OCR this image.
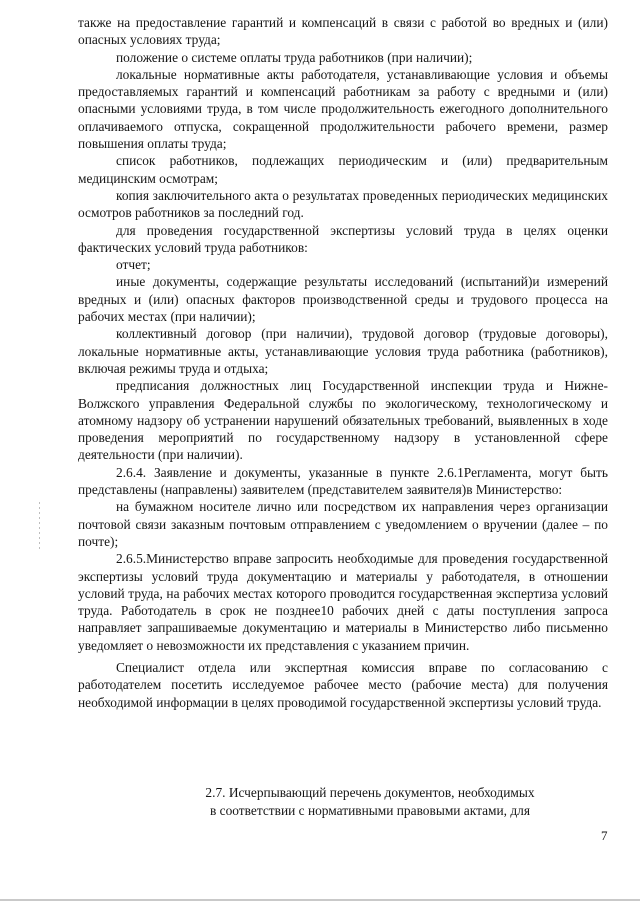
также на предоставление гарантий и компенсаций в связи с работой во вредных и (или) опасных условиях труда;

положение о системе оплаты труда работников (при наличии);

локальные нормативные акты работодателя, устанавливающие условия и объемы предоставляемых гарантий и компенсаций работникам за работу с вредными и (или) опасными условиями труда, в том числе продолжительность ежегодного дополнительного оплачиваемого отпуска, сокращенной продолжительности рабочего времени, размер повышения оплаты труда;

список работников, подлежащих периодическим и (или) предварительным медицинским осмотрам;

копия заключительного акта о результатах проведенных периодических медицинских осмотров работников за последний год.

для проведения государственной экспертизы условий труда в целях оценки фактических условий труда работников:

отчет;

иные документы, содержащие результаты исследований (испытаний)и измерений вредных и (или) опасных факторов производственной среды и трудового процесса на рабочих местах (при наличии);

коллективный договор (при наличии), трудовой договор (трудовые договоры), локальные нормативные акты, устанавливающие условия труда работника (работников), включая режимы труда и отдыха;

предписания должностных лиц Государственной инспекции труда и Нижне-Волжского управления Федеральной службы по экологическому, технологическому и атомному надзору об устранении нарушений обязательных требований, выявленных в ходе проведения мероприятий по государственному надзору в установленной сфере деятельности (при наличии).

2.6.4. Заявление и документы, указанные в пункте 2.6.1Регламента, могут быть представлены (направлены) заявителем (представителем заявителя)в Министерство:

на бумажном носителе лично или посредством их направления через организации почтовой связи заказным почтовым отправлением с уведомлением о вручении (далее – по почте);

2.6.5.Министерство вправе запросить необходимые для проведения государственной экспертизы условий труда документацию и материалы у работодателя, в отношении условий труда, на рабочих местах которого проводится государственная экспертиза условий труда. Работодатель в срок не позднее10 рабочих дней с даты поступления запроса направляет запрашиваемые документацию и материалы в Министерство либо письменно уведомляет о невозможности их представления с указанием причин.

Специалист отдела или экспертная комиссия вправе по согласованию с работодателем посетить исследуемое рабочее место (рабочие места) для получения необходимой информации в целях проводимой государственной экспертизы условий труда.

2.7. Исчерпывающий перечень документов, необходимых
в соответствии с нормативными правовыми актами, для
7
